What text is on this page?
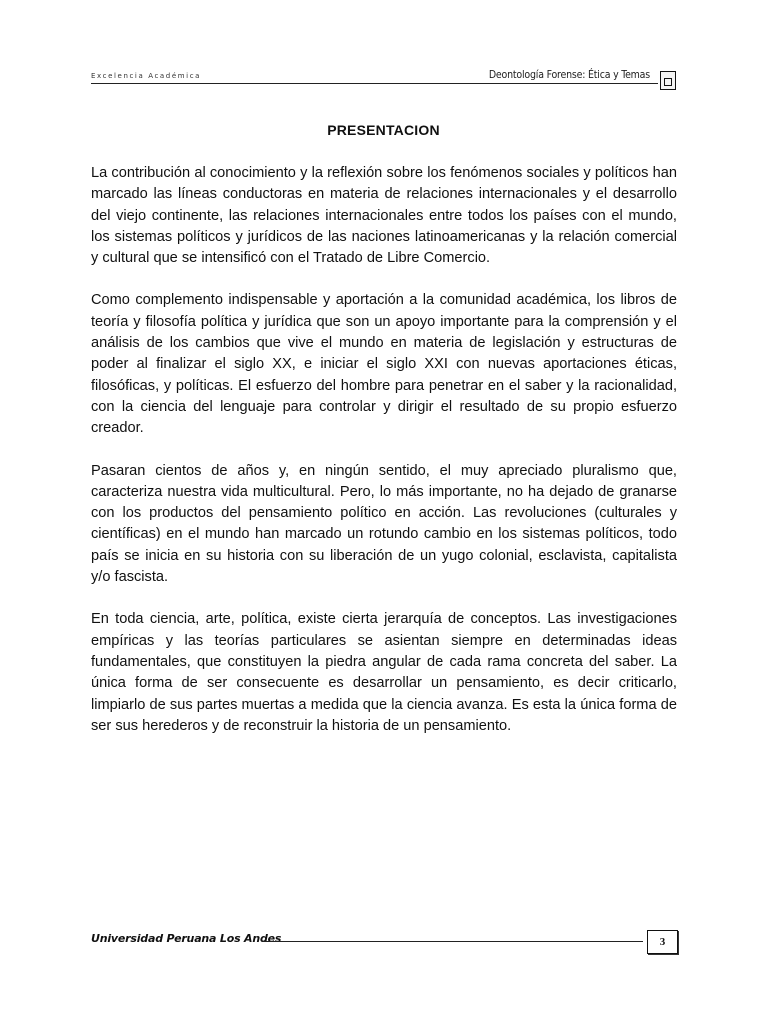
Excelencia Académica	Deontología Forense: Ética y Temas
PRESENTACION

La contribución al conocimiento y la reflexión sobre los fenómenos sociales y políticos han marcado las líneas conductoras en materia de relaciones internacionales y el desarrollo del viejo continente, las relaciones internacionales entre todos los países con el mundo, los sistemas políticos y jurídicos de las naciones latinoamericanas y la relación comercial y cultural que se intensificó con el Tratado de Libre Comercio.

Como complemento indispensable y aportación a la comunidad académica, los libros de teoría y filosofía política y jurídica que son un apoyo importante para la comprensión y el análisis de los cambios que vive el mundo en materia de legislación y estructuras de poder al finalizar el siglo XX, e iniciar el siglo XXI con nuevas aportaciones éticas, filosóficas, y políticas. El esfuerzo del hombre para penetrar en el saber y la racionalidad, con la ciencia del lenguaje para controlar y dirigir el resultado de su propio esfuerzo creador.

Pasaran cientos de años y, en ningún sentido, el muy apreciado pluralismo que, caracteriza nuestra vida multicultural. Pero, lo más importante, no ha dejado de granarse con los productos del pensamiento político en acción. Las revoluciones (culturales y científicas) en el mundo han marcado un rotundo cambio en los sistemas políticos, todo país se inicia en su historia con su liberación de un yugo colonial, esclavista, capitalista y/o fascista.

En toda ciencia, arte, política, existe cierta jerarquía de conceptos. Las investigaciones empíricas y las teorías particulares se asientan siempre en determinadas ideas fundamentales, que constituyen la piedra angular de cada rama concreta del saber. La única forma de ser consecuente es desarrollar un pensamiento, es decir criticarlo, limpiarlo de sus partes muertas a medida que la ciencia avanza. Es esta la única forma de ser sus herederos y de reconstruir la historia de un pensamiento.

Universidad Peruana Los Andes	3
